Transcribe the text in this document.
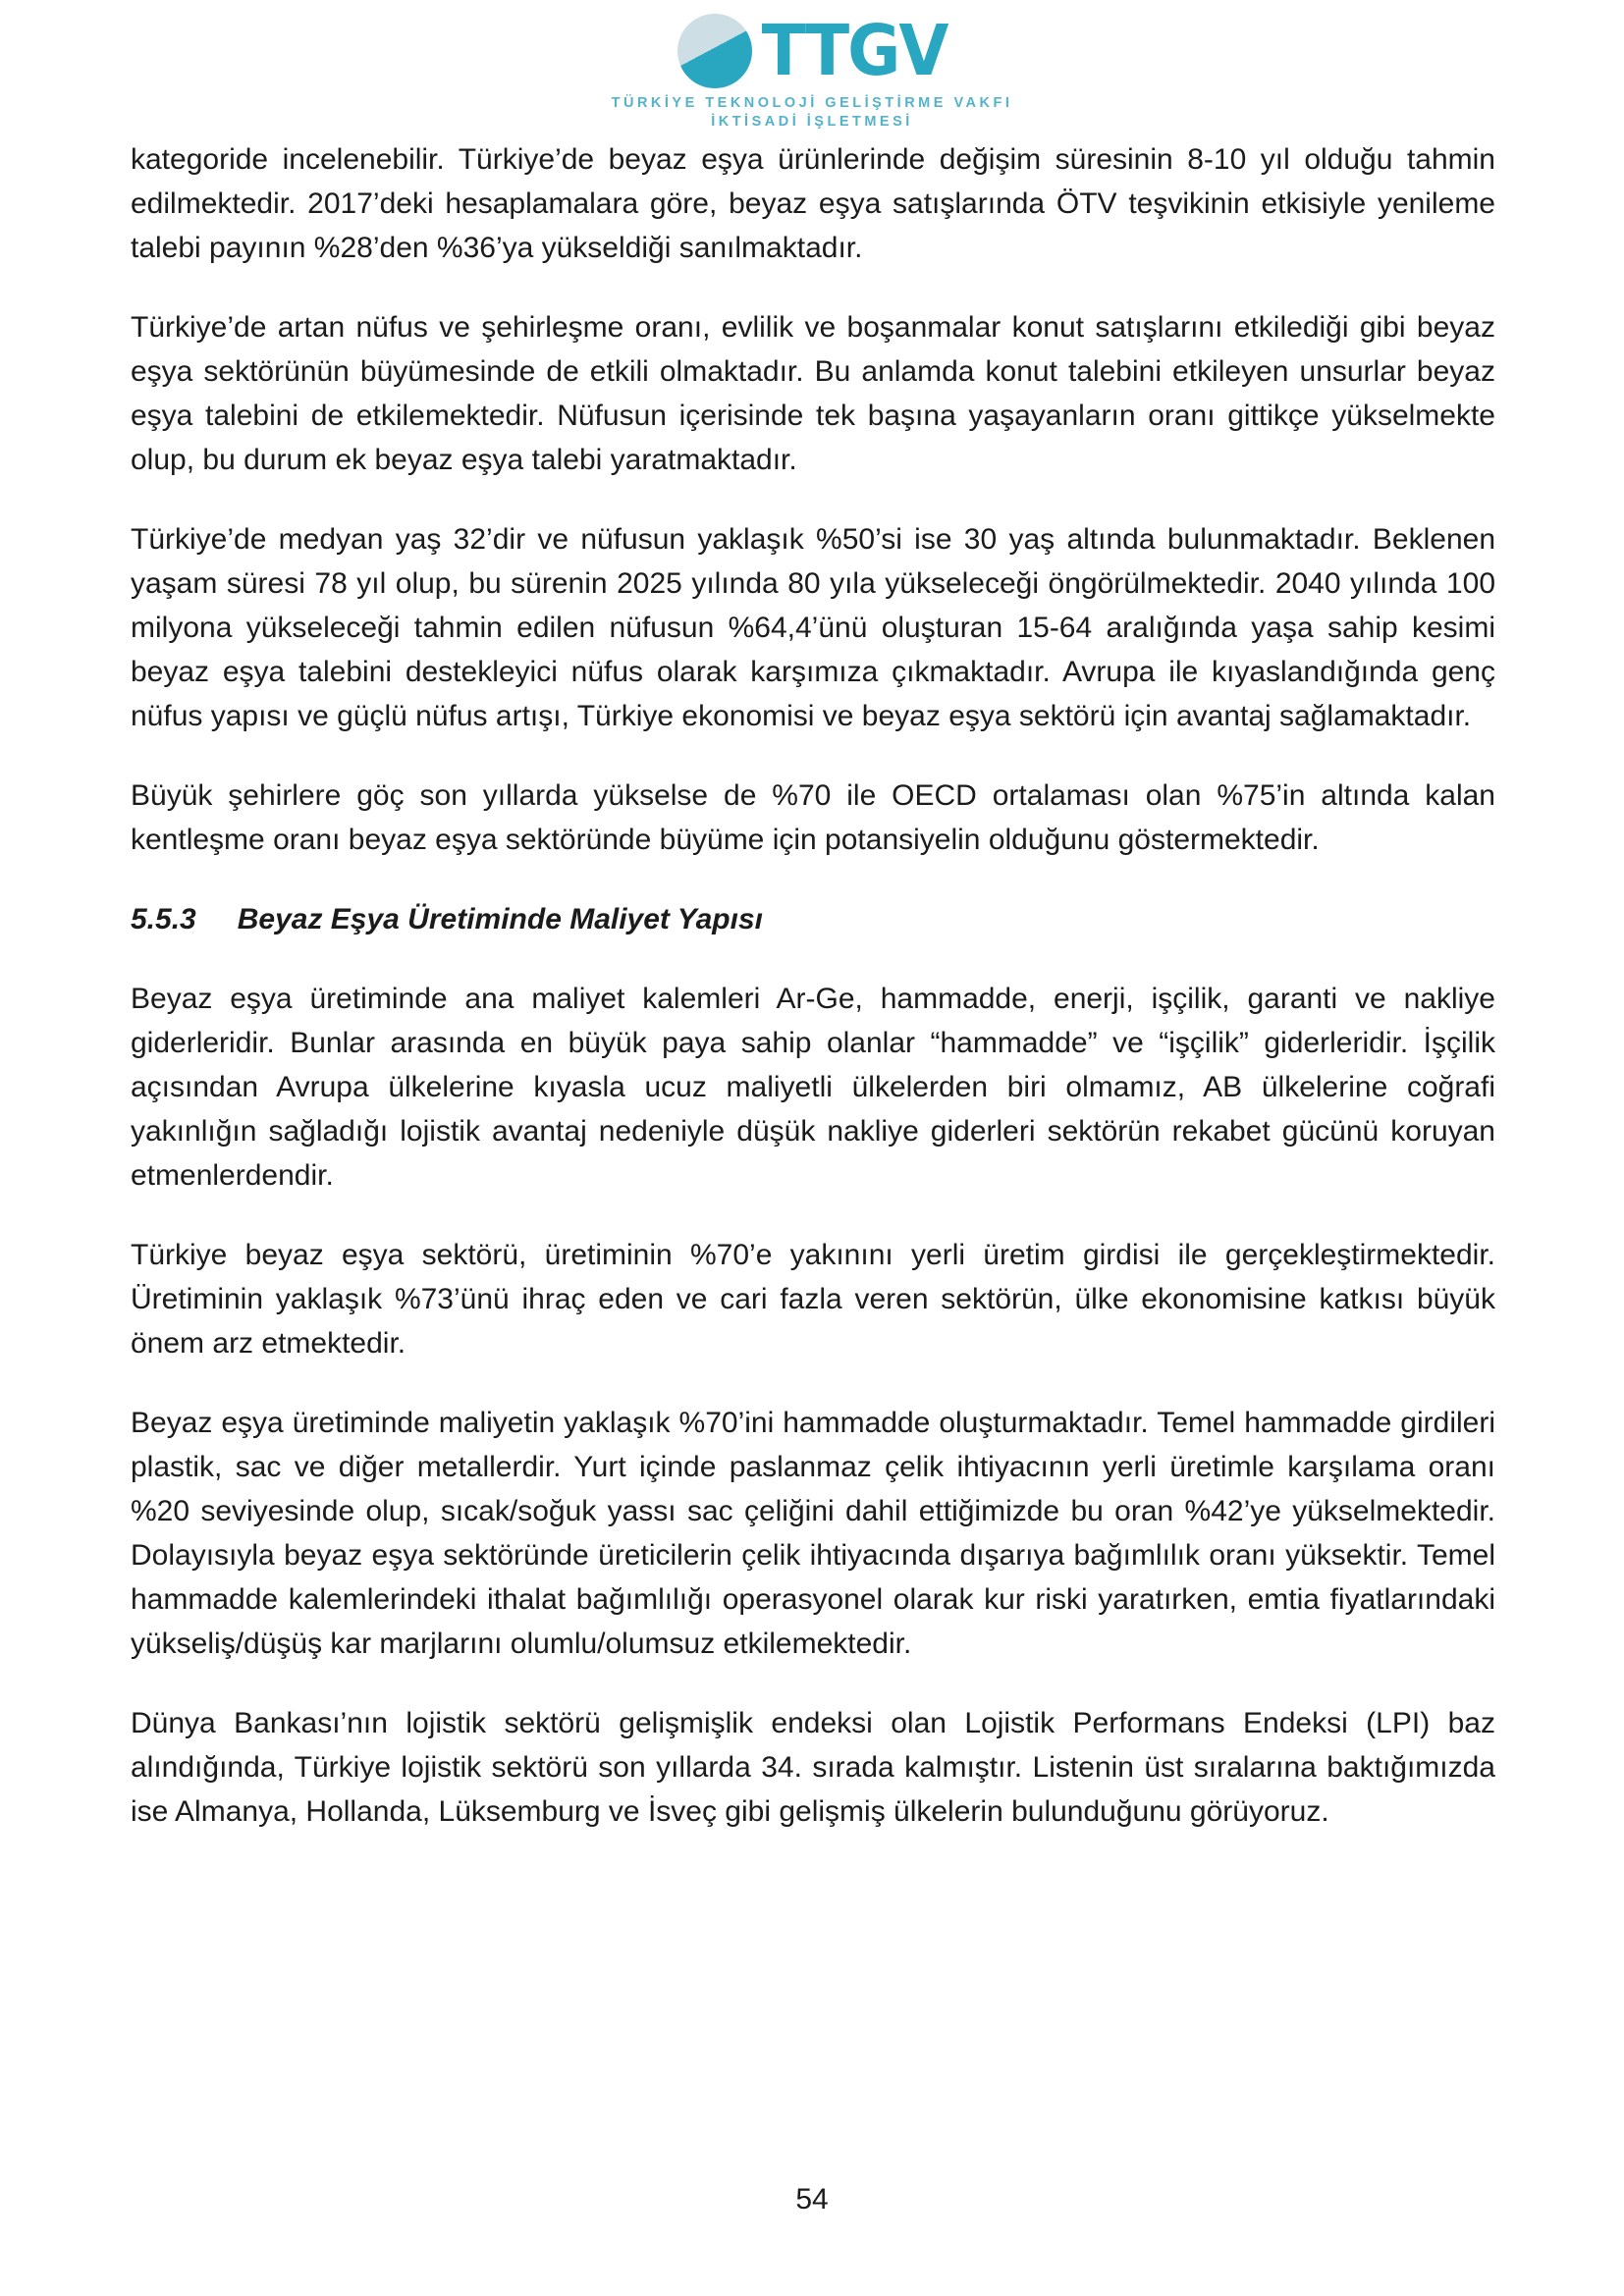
TTGV
TÜRKİYE TEKNOLOJİ GELİŞTİRME VAKFI
İKTİSADİ İŞLETMESİ

kategoride incelenebilir. Türkiye’de beyaz eşya ürünlerinde değişim süresinin 8-10 yıl olduğu tahmin edilmektedir. 2017’deki hesaplamalara göre, beyaz eşya satışlarında ÖTV teşvikinin etkisiyle yenileme talebi payının %28’den %36’ya yükseldiği sanılmaktadır.

Türkiye’de artan nüfus ve şehirleşme oranı, evlilik ve boşanmalar konut satışlarını etkilediği gibi beyaz eşya sektörünün büyümesinde de etkili olmaktadır. Bu anlamda konut talebini etkileyen unsurlar beyaz eşya talebini de etkilemektedir. Nüfusun içerisinde tek başına yaşayanların oranı gittikçe yükselmekte olup, bu durum ek beyaz eşya talebi yaratmaktadır.

Türkiye’de medyan yaş 32’dir ve nüfusun yaklaşık %50’si ise 30 yaş altında bulunmaktadır. Beklenen yaşam süresi 78 yıl olup, bu sürenin 2025 yılında 80 yıla yükseleceği öngörülmektedir. 2040 yılında 100 milyona yükseleceği tahmin edilen nüfusun %64,4’ünü oluşturan 15-64 aralığında yaşa sahip kesimi beyaz eşya talebini destekleyici nüfus olarak karşımıza çıkmaktadır. Avrupa ile kıyaslandığında genç nüfus yapısı ve güçlü nüfus artışı, Türkiye ekonomisi ve beyaz eşya sektörü için avantaj sağlamaktadır.

Büyük şehirlere göç son yıllarda yükselse de %70 ile OECD ortalaması olan %75’in altında kalan kentleşme oranı beyaz eşya sektöründe büyüme için potansiyelin olduğunu göstermektedir.

5.5.3 Beyaz Eşya Üretiminde Maliyet Yapısı

Beyaz eşya üretiminde ana maliyet kalemleri Ar-Ge, hammadde, enerji, işçilik, garanti ve nakliye giderleridir. Bunlar arasında en büyük paya sahip olanlar “hammadde” ve “işçilik” giderleridir. İşçilik açısından Avrupa ülkelerine kıyasla ucuz maliyetli ülkelerden biri olmamız, AB ülkelerine coğrafi yakınlığın sağladığı lojistik avantaj nedeniyle düşük nakliye giderleri sektörün rekabet gücünü koruyan etmenlerdendir.

Türkiye beyaz eşya sektörü, üretiminin %70’e yakınını yerli üretim girdisi ile gerçekleştirmektedir. Üretiminin yaklaşık %73’ünü ihraç eden ve cari fazla veren sektörün, ülke ekonomisine katkısı büyük önem arz etmektedir.

Beyaz eşya üretiminde maliyetin yaklaşık %70’ini hammadde oluşturmaktadır. Temel hammadde girdileri plastik, sac ve diğer metallerdir. Yurt içinde paslanmaz çelik ihtiyacının yerli üretimle karşılama oranı %20 seviyesinde olup, sıcak/soğuk yassı sac çeliğini dahil ettiğimizde bu oran %42’ye yükselmektedir. Dolayısıyla beyaz eşya sektöründe üreticilerin çelik ihtiyacında dışarıya bağımlılık oranı yüksektir. Temel hammadde kalemlerindeki ithalat bağımlılığı operasyonel olarak kur riski yaratırken, emtia fiyatlarındaki yükseliş/düşüş kar marjlarını olumlu/olumsuz etkilemektedir.

Dünya Bankası’nın lojistik sektörü gelişmişlik endeksi olan Lojistik Performans Endeksi (LPI) baz alındığında, Türkiye lojistik sektörü son yıllarda 34. sırada kalmıştır. Listenin üst sıralarına baktığımızda ise Almanya, Hollanda, Lüksemburg ve İsveç gibi gelişmiş ülkelerin bulunduğunu görüyoruz.

54
